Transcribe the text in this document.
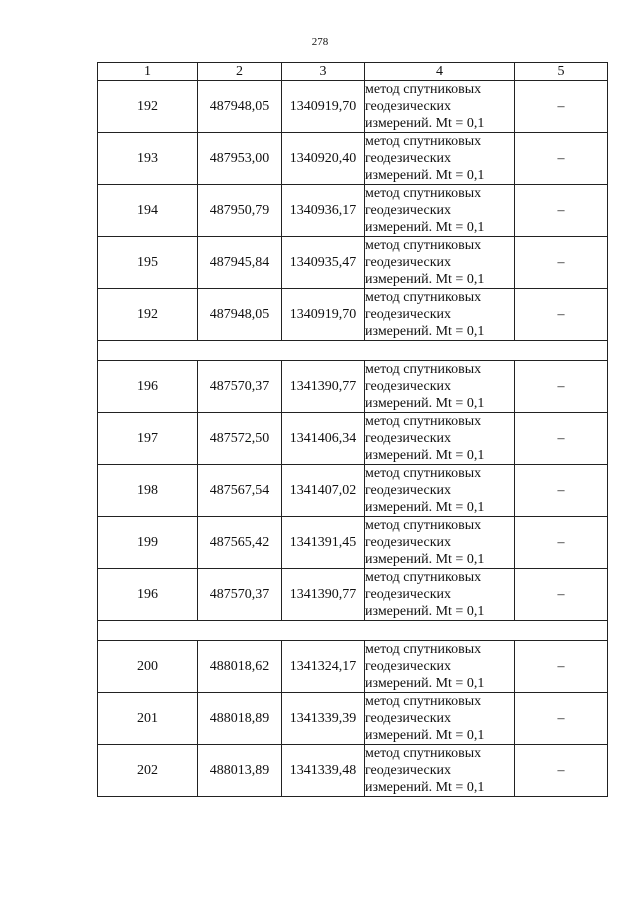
278
1	2	3	4	5
192	487948,05	1340919,70	метод спутниковых
геодезических
измерений. Mt = 0,1	–
193	487953,00	1340920,40	метод спутниковых
геодезических
измерений. Mt = 0,1	–
194	487950,79	1340936,17	метод спутниковых
геодезических
измерений. Mt = 0,1	–
195	487945,84	1340935,47	метод спутниковых
геодезических
измерений. Mt = 0,1	–
192	487948,05	1340919,70	метод спутниковых
геодезических
измерений. Mt = 0,1	–

196	487570,37	1341390,77	метод спутниковых
геодезических
измерений. Mt = 0,1	–
197	487572,50	1341406,34	метод спутниковых
геодезических
измерений. Mt = 0,1	–
198	487567,54	1341407,02	метод спутниковых
геодезических
измерений. Mt = 0,1	–
199	487565,42	1341391,45	метод спутниковых
геодезических
измерений. Mt = 0,1	–
196	487570,37	1341390,77	метод спутниковых
геодезических
измерений. Mt = 0,1	–

200	488018,62	1341324,17	метод спутниковых
геодезических
измерений. Mt = 0,1	–
201	488018,89	1341339,39	метод спутниковых
геодезических
измерений. Mt = 0,1	–
202	488013,89	1341339,48	метод спутниковых
геодезических
измерений. Mt = 0,1	–
